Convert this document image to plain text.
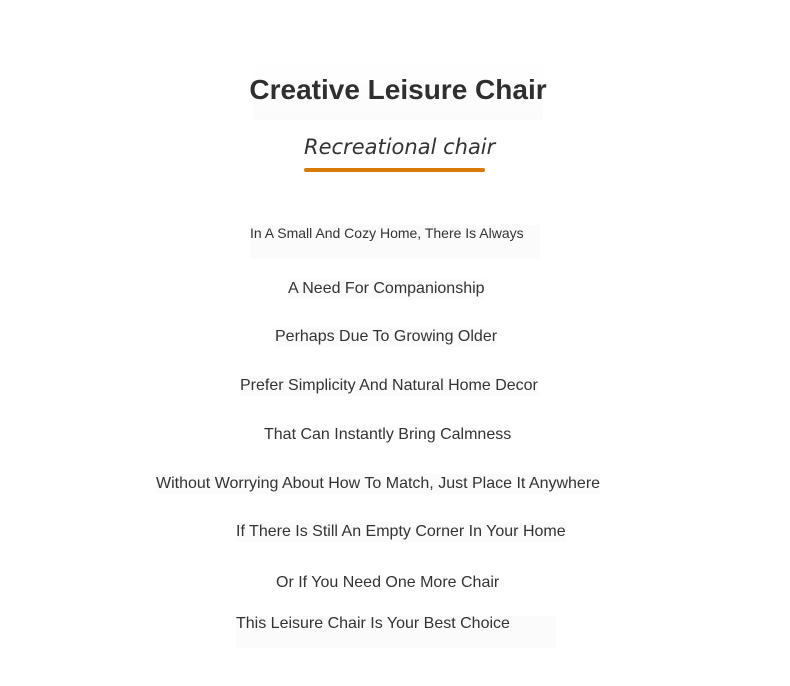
Creative Leisure Chair
Recreational chair
In A Small And Cozy Home, There Is Always
A Need For Companionship
Perhaps Due To Growing Older
Prefer Simplicity And Natural Home Decor
That Can Instantly Bring Calmness
Without Worrying About How To Match, Just Place It Anywhere
If There Is Still An Empty Corner In Your Home
Or If You Need One More Chair
This Leisure Chair Is Your Best Choice
